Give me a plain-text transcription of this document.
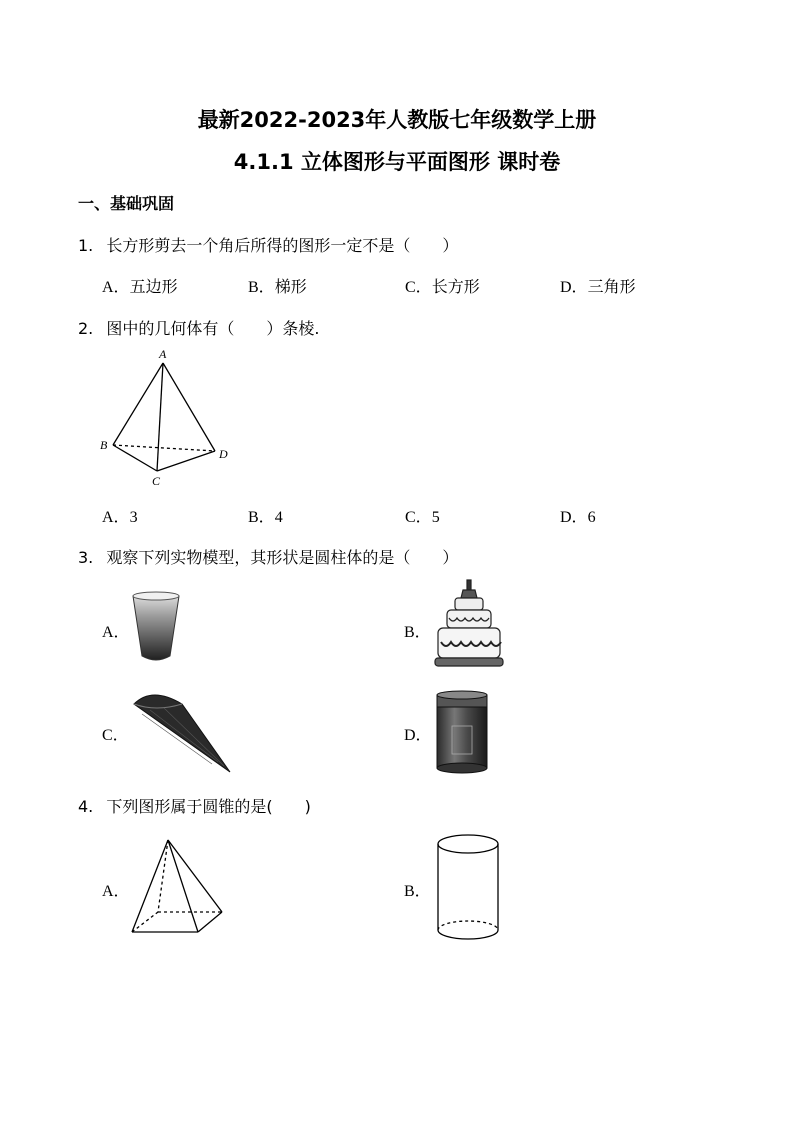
最新2022-2023年人教版七年级数学上册
4.1.1 立体图形与平面图形 课时卷
一、基础巩固
1. 长方形剪去一个角后所得的图形一定不是（　　）
A．五边形	B．梯形	C．长方形	D．三角形
2. 图中的几何体有（　　）条棱.
A
B
C
D
A．3	B．4	C．5	D．6
3. 观察下列实物模型，其形状是圆柱体的是（　　）
A．	B．
C．	D．
4. 下列图形属于圆锥的是(　　)
A．	B．
